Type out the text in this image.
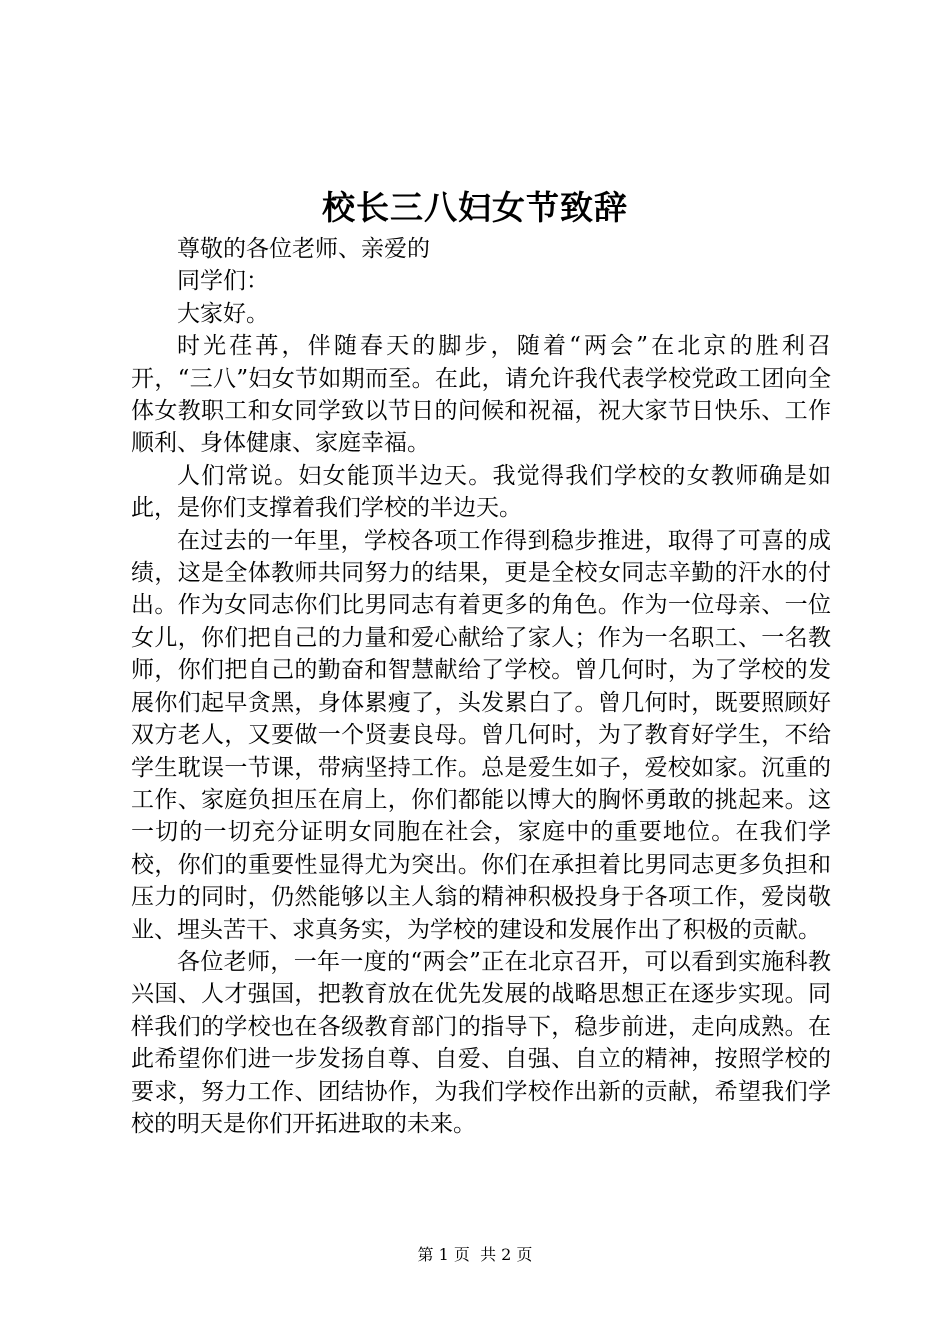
校长三八妇女节致辞

尊敬的各位老师、亲爱的

同学们：

大家好。

时光荏苒，伴随春天的脚步，随着“两会”在北京的胜利召开，“三八”妇女节如期而至。在此，请允许我代表学校党政工团向全体女教职工和女同学致以节日的问候和祝福，祝大家节日快乐、工作顺利、身体健康、家庭幸福。

人们常说。妇女能顶半边天。我觉得我们学校的女教师确是如此，是你们支撑着我们学校的半边天。

在过去的一年里，学校各项工作得到稳步推进，取得了可喜的成绩，这是全体教师共同努力的结果，更是全校女同志辛勤的汗水的付出。作为女同志你们比男同志有着更多的角色。作为一位母亲、一位女儿，你们把自己的力量和爱心献给了家人；作为一名职工、一名教师，你们把自己的勤奋和智慧献给了学校。曾几何时，为了学校的发展你们起早贪黑，身体累瘦了，头发累白了。曾几何时，既要照顾好双方老人，又要做一个贤妻良母。曾几何时，为了教育好学生，不给学生耽误一节课，带病坚持工作。总是爱生如子，爱校如家。沉重的工作、家庭负担压在肩上，你们都能以博大的胸怀勇敢的挑起来。这一切的一切充分证明女同胞在社会，家庭中的重要地位。在我们学校，你们的重要性显得尤为突出。你们在承担着比男同志更多负担和压力的同时，仍然能够以主人翁的精神积极投身于各项工作，爱岗敬业、埋头苦干、求真务实，为学校的建设和发展作出了积极的贡献。

各位老师，一年一度的“两会”正在北京召开，可以看到实施科教兴国、人才强国，把教育放在优先发展的战略思想正在逐步实现。同样我们的学校也在各级教育部门的指导下，稳步前进，走向成熟。在此希望你们进一步发扬自尊、自爱、自强、自立的精神，按照学校的要求，努力工作、团结协作，为我们学校作出新的贡献，希望我们学校的明天是你们开拓进取的未来。

第 1 页 共 2 页
